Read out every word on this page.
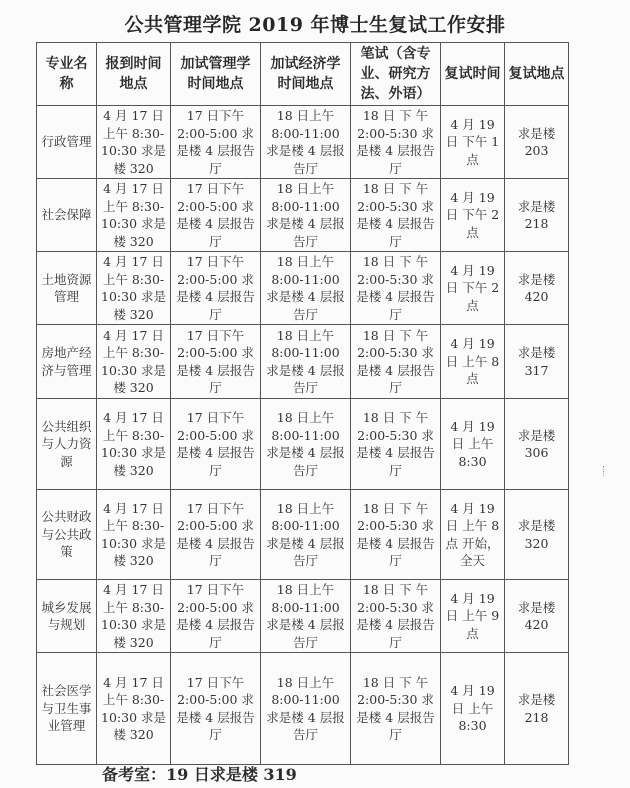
公共管理学院 2019 年博士生复试工作安排
专业名称	报到时间地点	加试管理学时间地点	加试经济学时间地点	笔试（含专业、研究方法、外语）	复试时间	复试地点
行政管理	4 月 17 日上午 8:30-10:30 求是楼 320	17 日下午 2:00-5:00 求是楼 4 层报告厅	18 日上午 8:00-11:00 求是楼 4 层报告厅	18 日 下 午 2:00-5:30 求是楼 4 层报告厅	4 月 19 日 下午 1 点	求是楼 203
社会保障	4 月 17 日上午 8:30-10:30 求是楼 320	17 日下午 2:00-5:00 求是楼 4 层报告厅	18 日上午 8:00-11:00 求是楼 4 层报告厅	18 日 下 午 2:00-5:30 求是楼 4 层报告厅	4 月 19 日 下午 2 点	求是楼 218
土地资源管理	4 月 17 日上午 8:30-10:30 求是楼 320	17 日下午 2:00-5:00 求是楼 4 层报告厅	18 日上午 8:00-11:00 求是楼 4 层报告厅	18 日 下 午 2:00-5:30 求是楼 4 层报告厅	4 月 19 日 下午 2 点	求是楼 420
房地产经济与管理	4 月 17 日上午 8:30-10:30 求是楼 320	17 日下午 2:00-5:00 求是楼 4 层报告厅	18 日上午 8:00-11:00 求是楼 4 层报告厅	18 日 下 午 2:00-5:30 求是楼 4 层报告厅	4 月 19 日 上午 8 点	求是楼 317
公共组织与人力资源	4 月 17 日上午 8:30-10:30 求是楼 320	17 日下午 2:00-5:00 求是楼 4 层报告厅	18 日上午 8:00-11:00 求是楼 4 层报告厅	18 日 下 午 2:00-5:30 求是楼 4 层报告厅	4 月 19 日 上午 8:30	求是楼 306
公共财政与公共政策	4 月 17 日上午 8:30-10:30 求是楼 320	17 日下午 2:00-5:00 求是楼 4 层报告厅	18 日上午 8:00-11:00 求是楼 4 层报告厅	18 日 下 午 2:00-5:30 求是楼 4 层报告厅	4 月 19 日 上午 8 点 开始， 全天	求是楼 320
城乡发展与规划	4 月 17 日上午 8:30-10:30 求是楼 320	17 日下午 2:00-5:00 求是楼 4 层报告厅	18 日上午 8:00-11:00 求是楼 4 层报告厅	18 日 下 午 2:00-5:30 求是楼 4 层报告厅	4 月 19 日 上午 9 点	求是楼 420
社会医学与卫生事业管理	4 月 17 日上午 8:30-10:30 求是楼 320	17 日下午 2:00-5:00 求是楼 4 层报告厅	18 日上午 8:00-11:00 求是楼 4 层报告厅	18 日 下 午 2:00-5:30 求是楼 4 层报告厅	4 月 19 日 上午 8:30	求是楼 218
备考室：19 日求是楼 319
